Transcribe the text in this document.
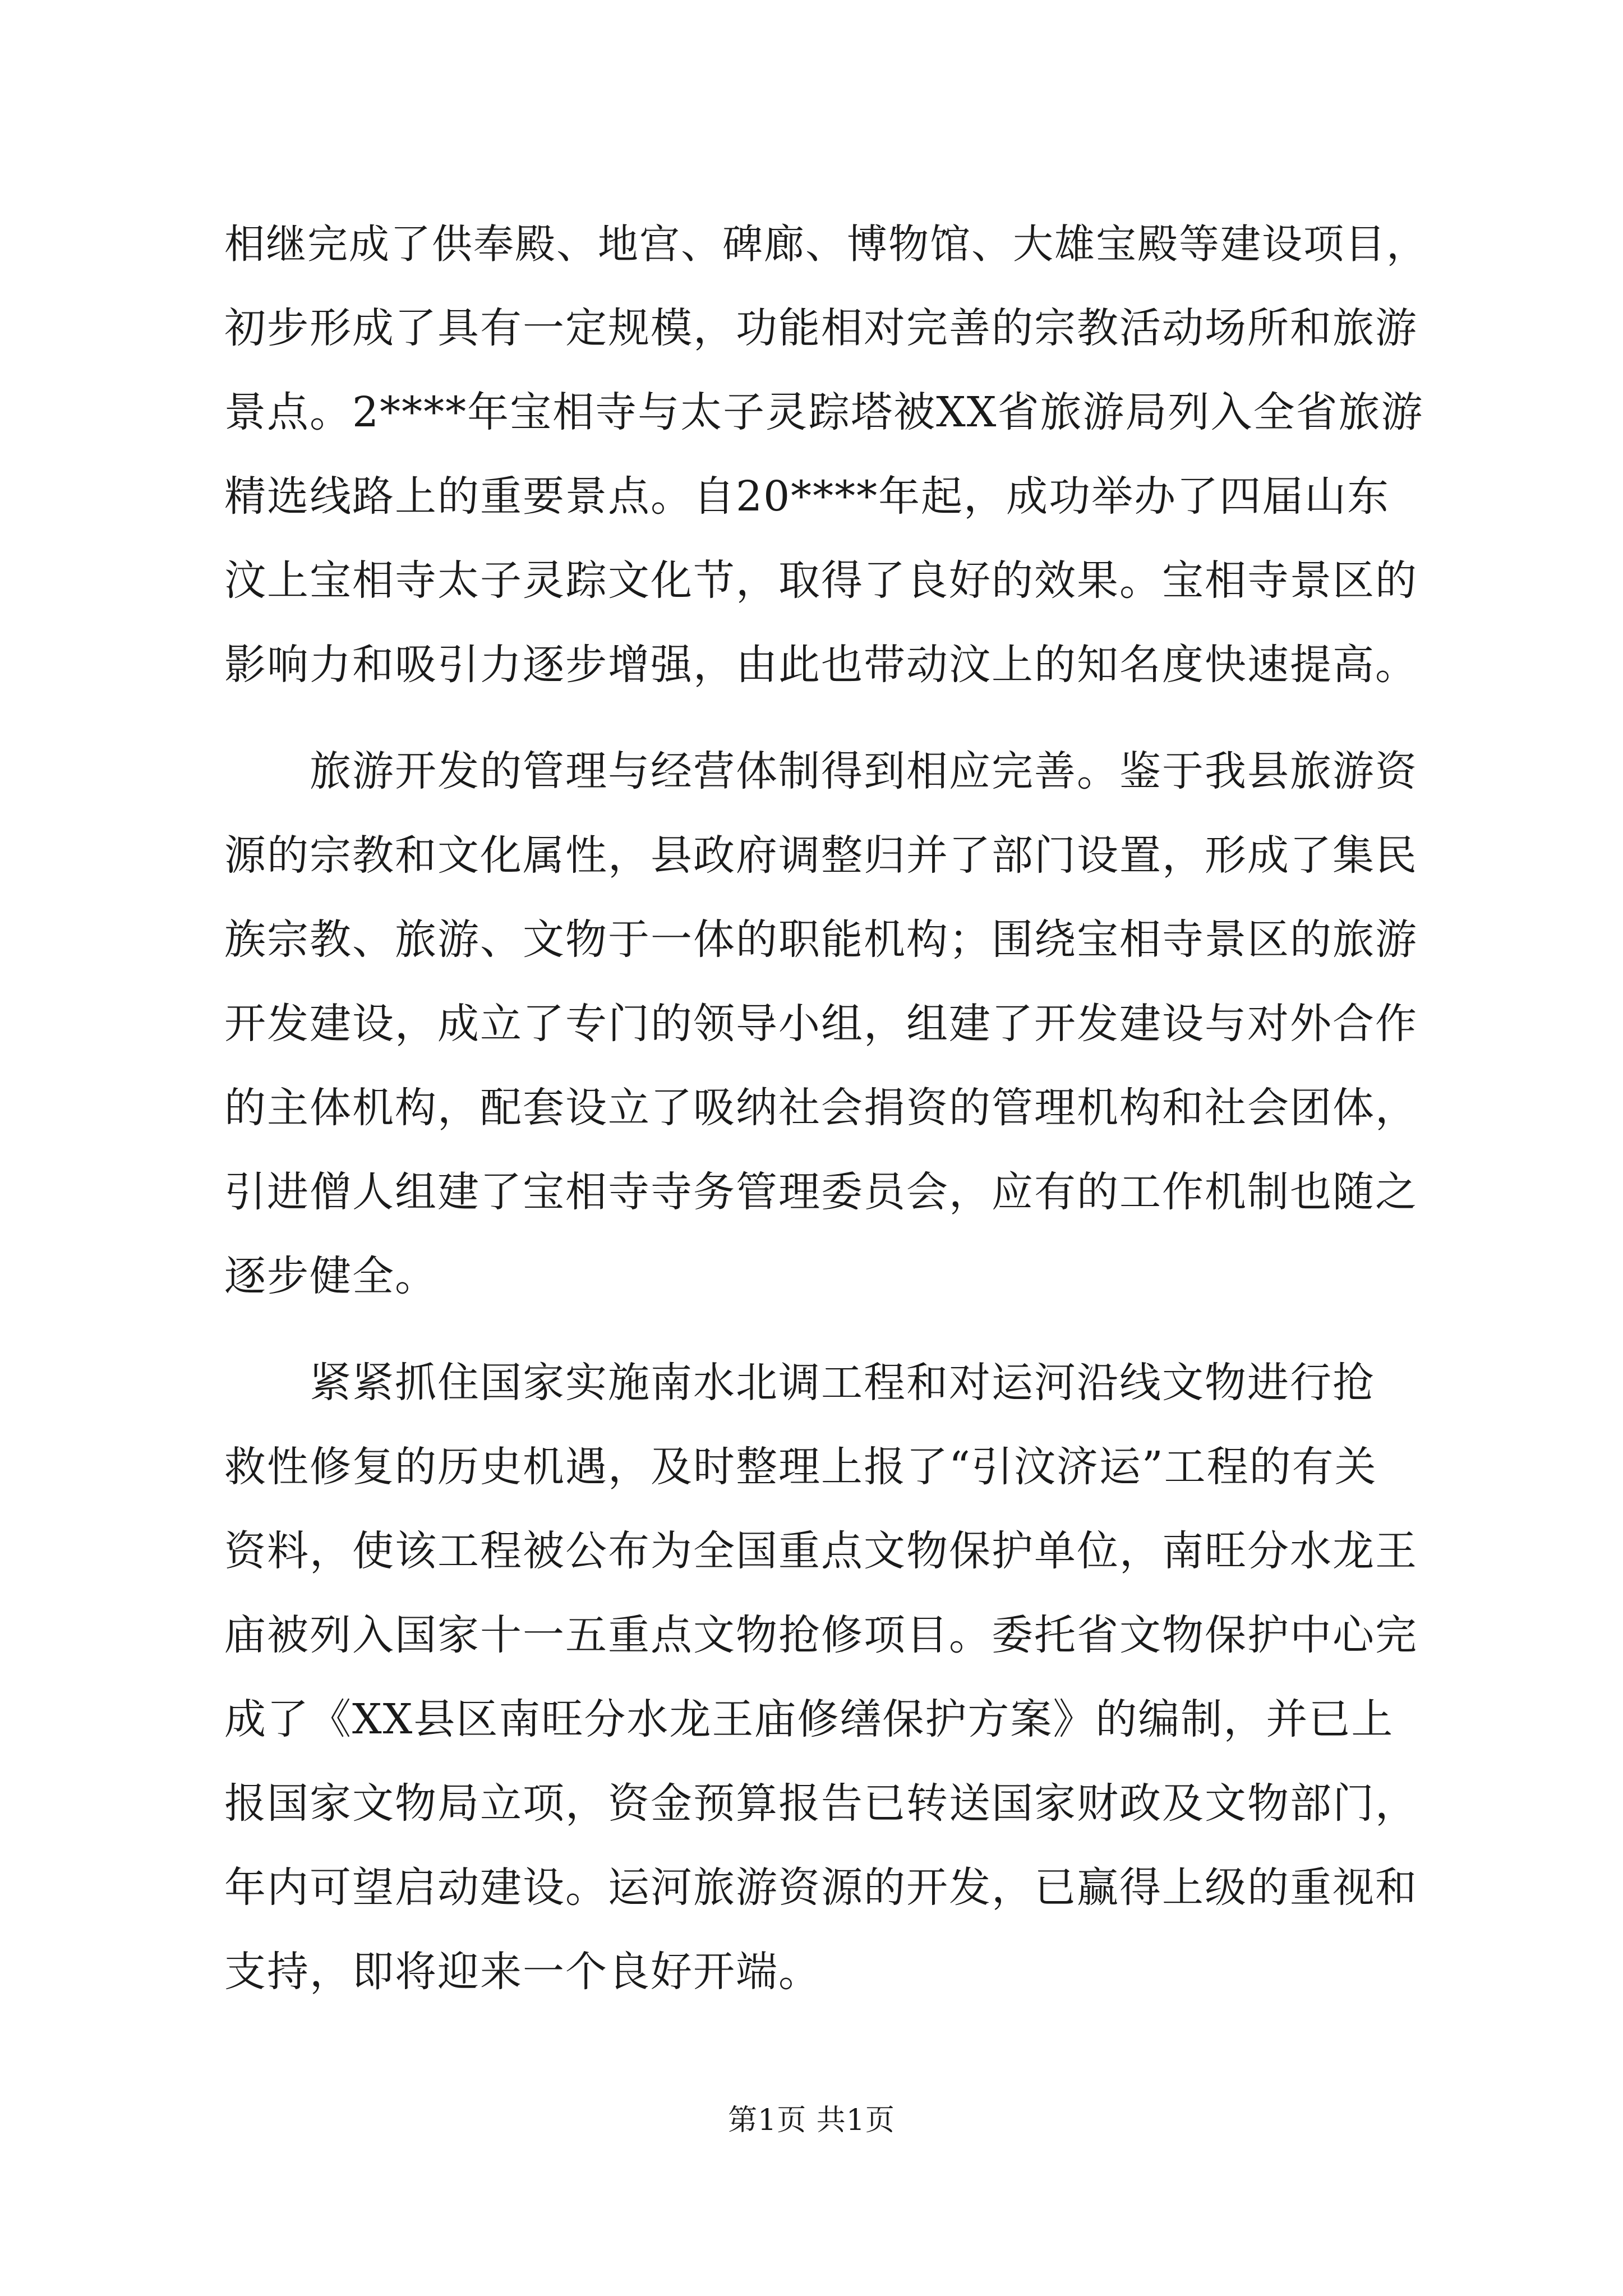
相继完成了供奉殿、地宫、碑廊、博物馆、大雄宝殿等建设项目，
初步形成了具有一定规模，功能相对完善的宗教活动场所和旅游
景点。2****年宝相寺与太子灵踪塔被XX省旅游局列入全省旅游
精选线路上的重要景点。自20****年起，成功举办了四届山东
汶上宝相寺太子灵踪文化节，取得了良好的效果。宝相寺景区的
影响力和吸引力逐步增强，由此也带动汶上的知名度快速提高。
　　旅游开发的管理与经营体制得到相应完善。鉴于我县旅游资
源的宗教和文化属性，县政府调整归并了部门设置，形成了集民
族宗教、旅游、文物于一体的职能机构；围绕宝相寺景区的旅游
开发建设，成立了专门的领导小组，组建了开发建设与对外合作
的主体机构，配套设立了吸纳社会捐资的管理机构和社会团体，
引进僧人组建了宝相寺寺务管理委员会，应有的工作机制也随之
逐步健全。
　　紧紧抓住国家实施南水北调工程和对运河沿线文物进行抢
救性修复的历史机遇，及时整理上报了“引汶济运”工程的有关
资料，使该工程被公布为全国重点文物保护单位，南旺分水龙王
庙被列入国家十一五重点文物抢修项目。委托省文物保护中心完
成了《XX县区南旺分水龙王庙修缮保护方案》的编制，并已上
报国家文物局立项，资金预算报告已转送国家财政及文物部门，
年内可望启动建设。运河旅游资源的开发，已赢得上级的重视和
支持，即将迎来一个良好开端。
第1页 共1页
